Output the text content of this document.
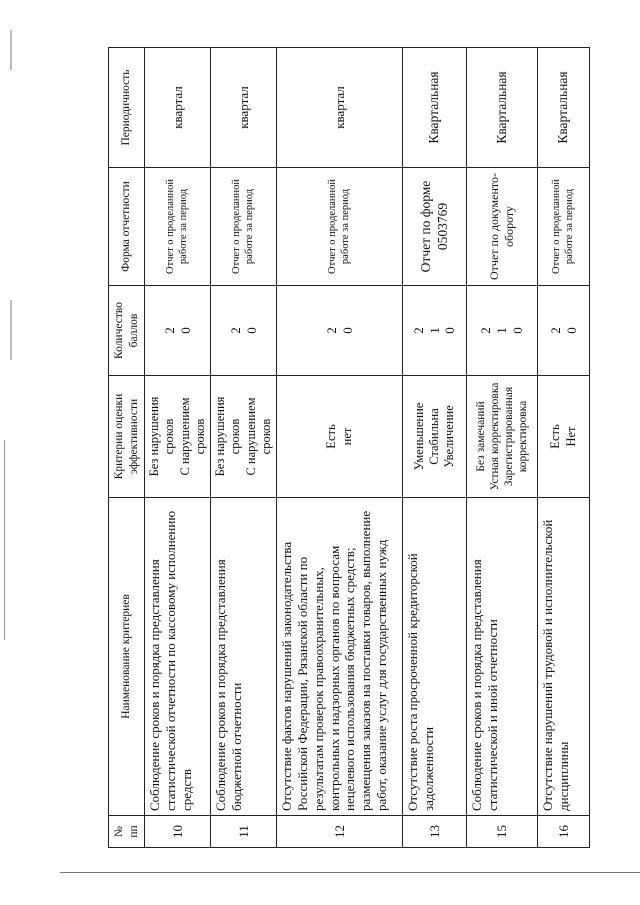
№ пп	Наименование критериев	Критерии оценки эффективности	Количество баллов	Форма отчетности	Периодичность
10	Соблюдение сроков и порядка представления статистической отчетности по кассовому исполнению средств	Без нарушения сроков С нарушением сроков	2 0	Отчет о проделанной работе за период	квартал
11	Соблюдение сроков и порядка представления бюджетной отчетности	Без нарушения сроков С нарушением сроков	2 0	Отчет о проделанной работе за период	квартал
12	Отсутствие фактов нарушений законодательства Российской Федерации, Рязанской области по результатам проверок правоохранительных, контрольных и надзорных органов по вопросам нецелевого использования бюджетных средств; размещения заказов на поставки товаров, выполнение работ, оказание услуг для государственных нужд	Есть нет	2 0	Отчет о проделанной работе за период	квартал
13	Отсутствие роста просроченной кредиторской задолженности	Уменьшение Стабильна Увеличение	2 1 0	Отчет по форме 0503769	Квартальная
15	Соблюдение сроков и порядка представления статистической и иной отчетности	Без замечаний Устная корректировка Зарегистрированная корректировка	2 1 0	Отчет по документо-обороту	Квартальная
16	Отсутствие нарушений трудовой и исполнительской дисциплины	Есть Нет	2 0	Отчет о проделанной работе за период	Квартальная
